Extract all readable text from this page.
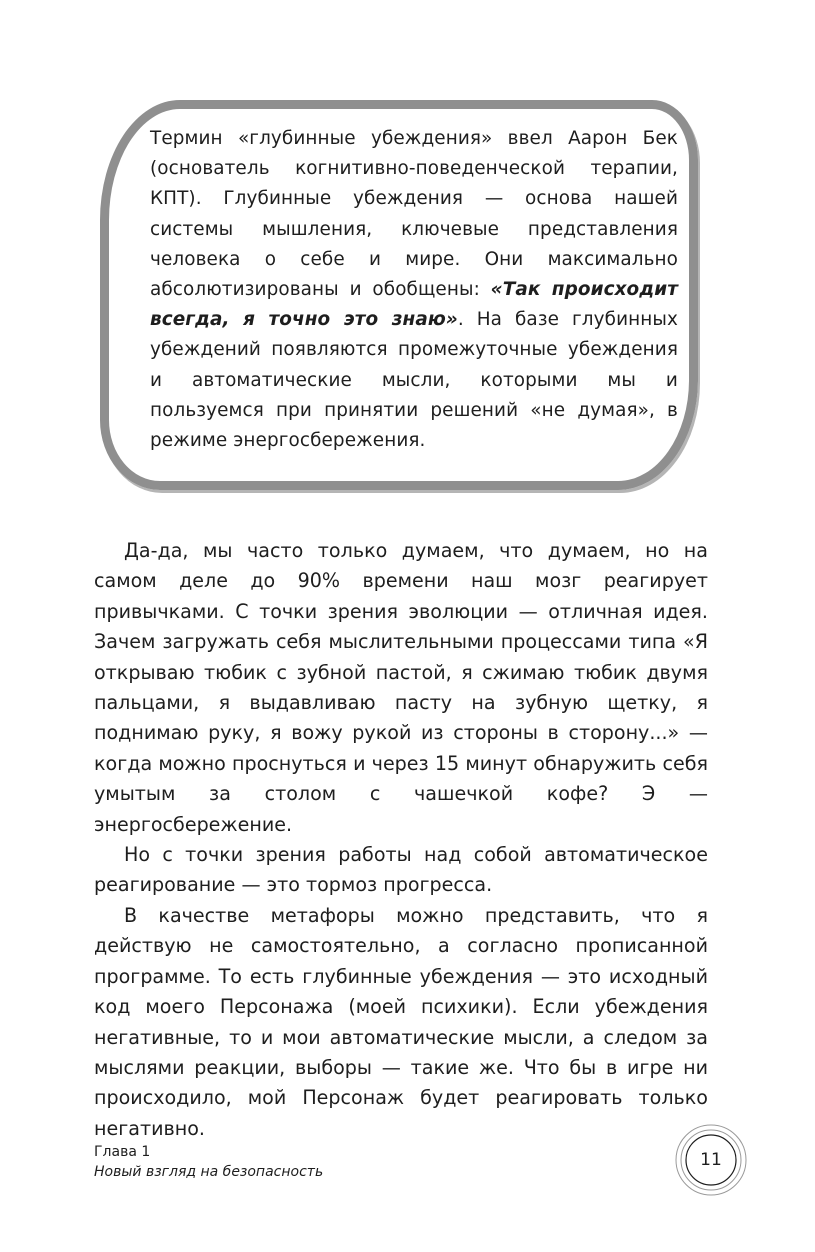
Термин «глубинные убеждения» ввел Аарон Бек (основатель когнитивно-поведенческой терапии, КПТ). Глубинные убеждения — основа нашей системы мышления, ключевые представления человека о себе и мире. Они максимально абсолютизированы и обобщены: «Так происходит всегда, я точно это знаю». На базе глубинных убеждений появляются промежуточные убеждения и автоматические мысли, которыми мы и пользуемся при принятии решений «не думая», в режиме энергосбережения.

Да-да, мы часто только думаем, что думаем, но на самом деле до 90% времени наш мозг реагирует привычками. С точки зрения эволюции — отличная идея. Зачем загружать себя мыслительными процессами типа «Я открываю тюбик с зубной пастой, я сжимаю тюбик двумя пальцами, я выдавливаю пасту на зубную щетку, я поднимаю руку, я вожу рукой из стороны в сторону...» — когда можно проснуться и через 15 минут обнаружить себя умытым за столом с чашечкой кофе? Э — энергосбережение.

Но с точки зрения работы над собой автоматическое реагирование — это тормоз прогресса.

В качестве метафоры можно представить, что я действую не самостоятельно, а согласно прописанной программе. То есть глубинные убеждения — это исходный код моего Персонажа (моей психики). Если убеждения негативные, то и мои автоматические мысли, а следом за мыслями реакции, выборы — такие же. Что бы в игре ни происходило, мой Персонаж будет реагировать только негативно.

Глава 1

Новый взгляд на безопасность

11
